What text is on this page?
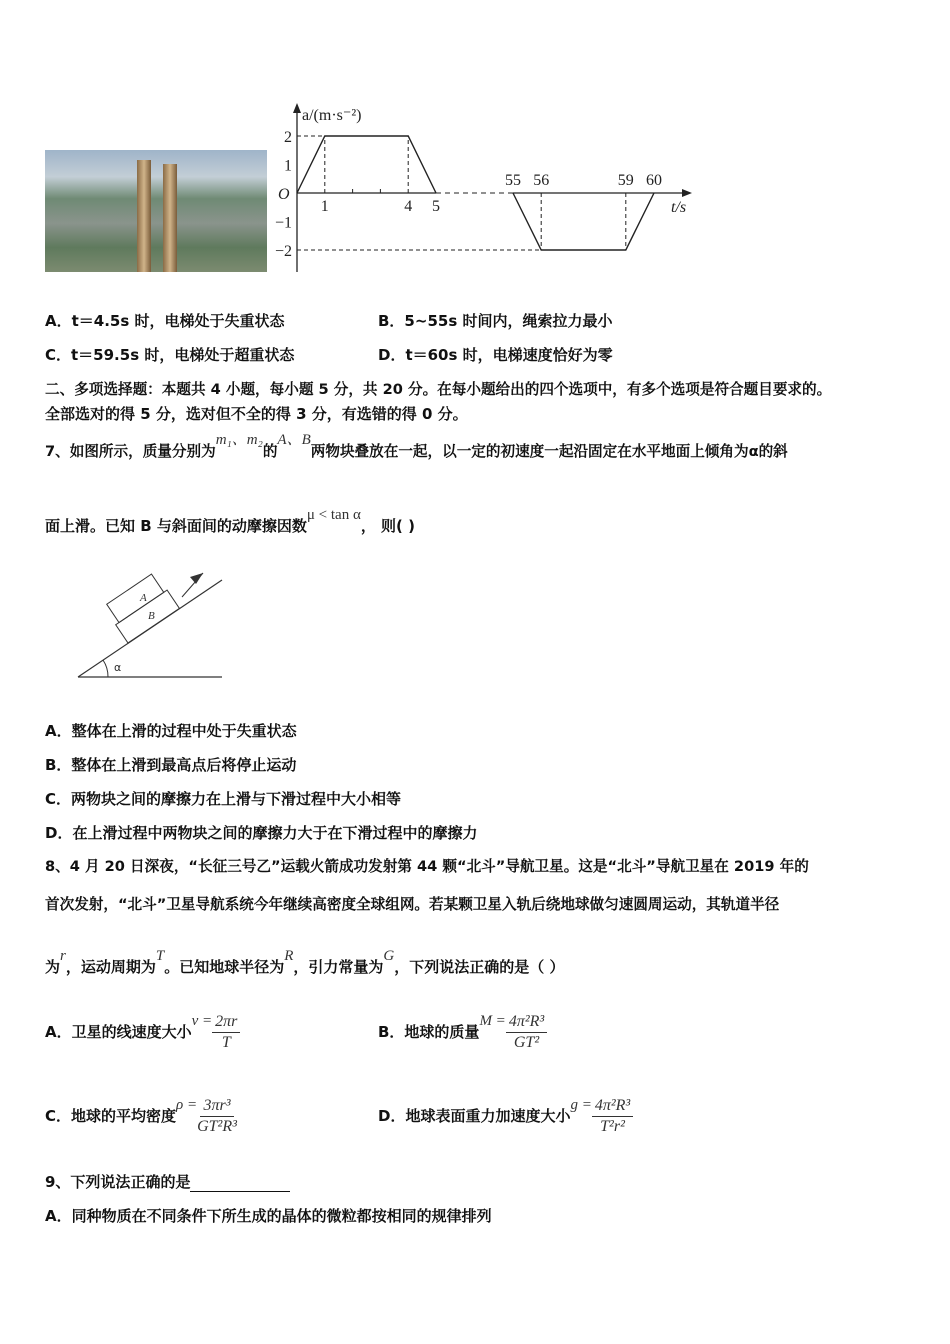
a/(m·s⁻²)
t/s
O
2
1
−1
−2
1	4 5
55 56	59 60
A．t＝4.5s 时，电梯处于失重状态	B．5~55s 时间内，绳索拉力最小
C．t＝59.5s 时，电梯处于超重状态	D．t＝60s 时，电梯速度恰好为零
二、多项选择题：本题共 4 小题，每小题 5 分，共 20 分。在每小题给出的四个选项中，有多个选项是符合题目要求的。
全部选对的得 5 分，选对但不全的得 3 分，有选错的得 0 分。
7、如图所示，质量分别为m₁、m₂的A、B两物块叠放在一起，以一定的初速度一起沿固定在水平地面上倾角为α的斜
面上滑。已知 B 与斜面间的动摩擦因数μ < tan α， 则( )
A
B
α
A．整体在上滑的过程中处于失重状态
B．整体在上滑到最高点后将停止运动
C．两物块之间的摩擦力在上滑与下滑过程中大小相等
D．在上滑过程中两物块之间的摩擦力大于在下滑过程中的摩擦力
8、4 月 20 日深夜，“长征三号乙”运载火箭成功发射第 44 颗“北斗”导航卫星。这是“北斗”导航卫星在 2019 年的
首次发射，“北斗”卫星导航系统今年继续高密度全球组网。若某颗卫星入轨后绕地球做匀速圆周运动，其轨道半径
为r，运动周期为T。已知地球半径为R，引力常量为G，下列说法正确的是（ ）
A．卫星的线速度大小$v = \frac{2\pi r}{T}$	B．地球的质量$M = \frac{\text{4π²R³}}{\text{GT²}}$
C．地球的平均密度$\rho = \frac{\text{3πr³}}{\text{GT²R³}}$	D．地球表面重力加速度大小$g = \frac{\text{4π²R³}}{\text{T²r²}}$
9、下列说法正确的是
A．同种物质在不同条件下所生成的晶体的微粒都按相同的规律排列
